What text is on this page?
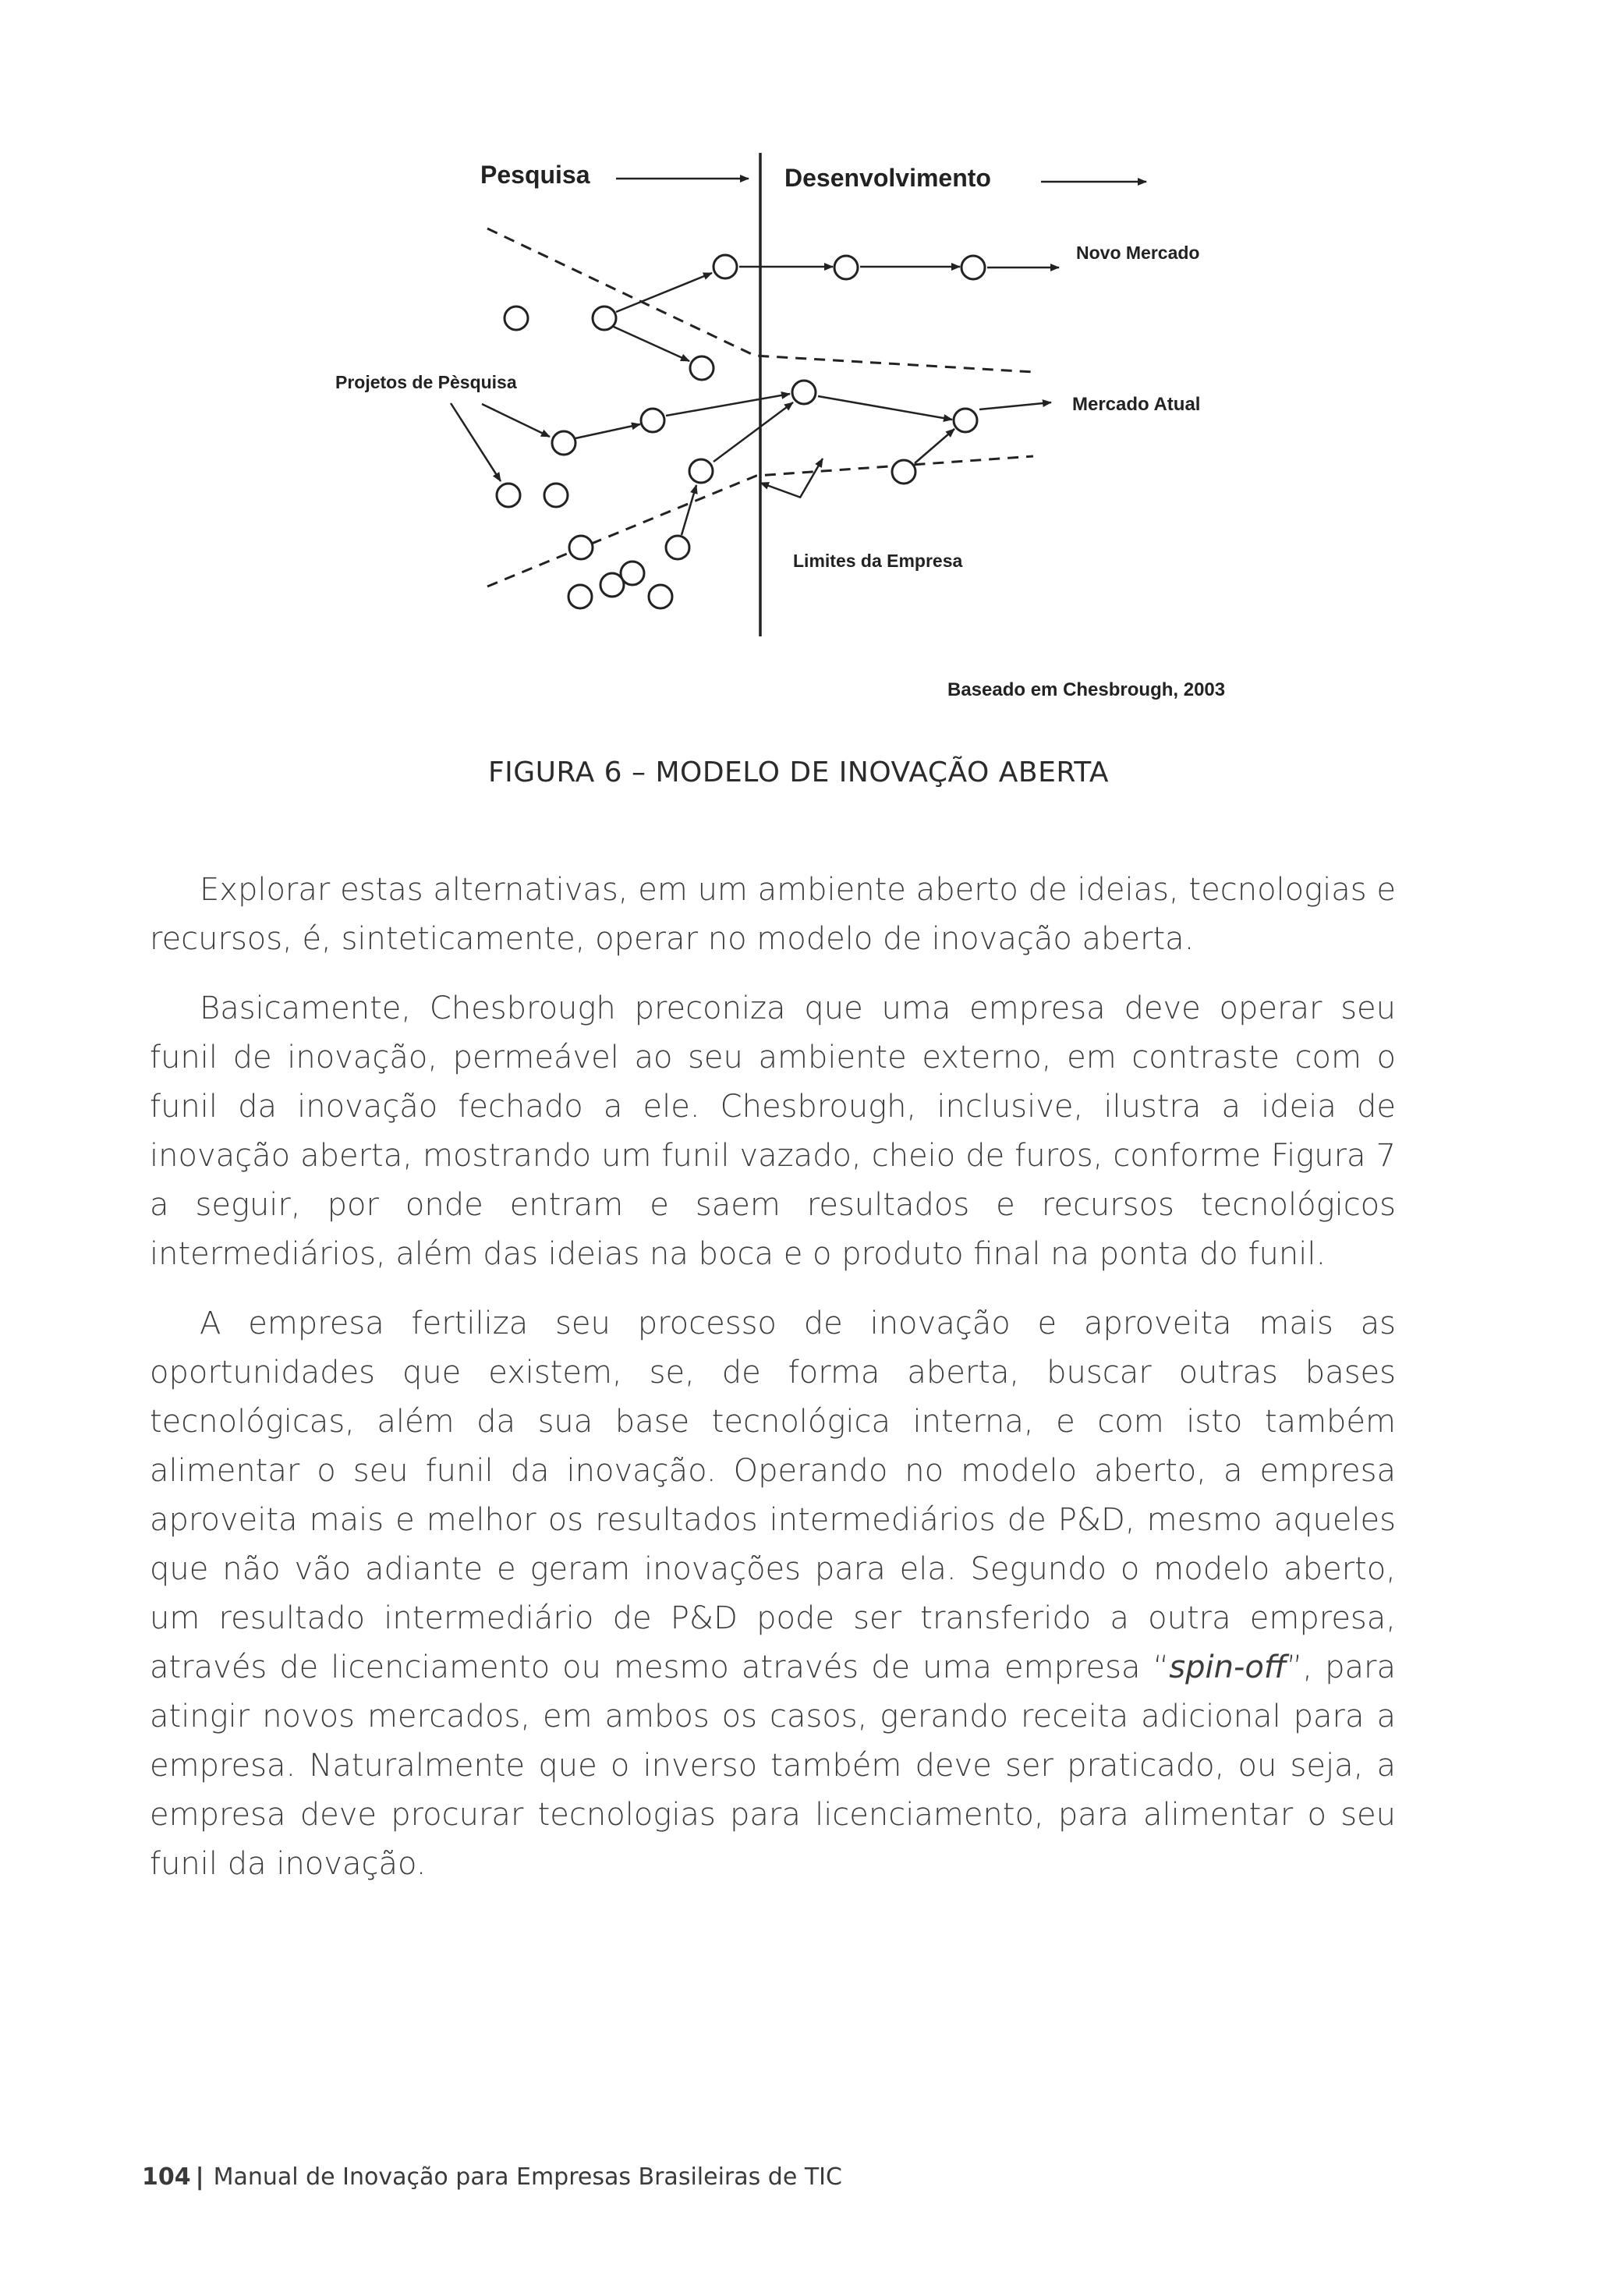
Pesquisa	Desenvolvimento
Novo Mercado
Projetos de Pèsquisa
Mercado Atual
Limites da Empresa
Baseado em Chesbrough, 2003
FIGURA 6 – MODELO DE INOVAÇÃO ABERTA

Explorar estas alternativas, em um ambiente aberto de ideias, tecnologias e recursos, é, sinteticamente, operar no modelo de inovação aberta.

Basicamente, Chesbrough preconiza que uma empresa deve operar seu funil de inovação, permeável ao seu ambiente externo, em contraste com o funil da inovação fechado a ele. Chesbrough, inclusive, ilustra a ideia de inovação aberta, mostrando um funil vazado, cheio de furos, conforme Figura 7 a seguir, por onde entram e saem resultados e recursos tecnológicos intermediários, além das ideias na boca e o produto final na ponta do funil.

A empresa fertiliza seu processo de inovação e aproveita mais as oportunidades que existem, se, de forma aberta, buscar outras bases tecnológicas, além da sua base tecnológica interna, e com isto também alimentar o seu funil da inovação. Operando no modelo aberto, a empresa aproveita mais e melhor os resultados intermediários de P&D, mesmo aqueles que não vão adiante e geram inovações para ela. Segundo o modelo aberto, um resultado intermediário de P&D pode ser transferido a outra empresa, através de licenciamento ou mesmo através de uma empresa “spin-off”, para atingir novos mercados, em ambos os casos, gerando receita adicional para a empresa. Naturalmente que o inverso também deve ser praticado, ou seja, a empresa deve procurar tecnologias para licenciamento, para alimentar o seu funil da inovação.

104 | Manual de Inovação para Empresas Brasileiras de TIC
